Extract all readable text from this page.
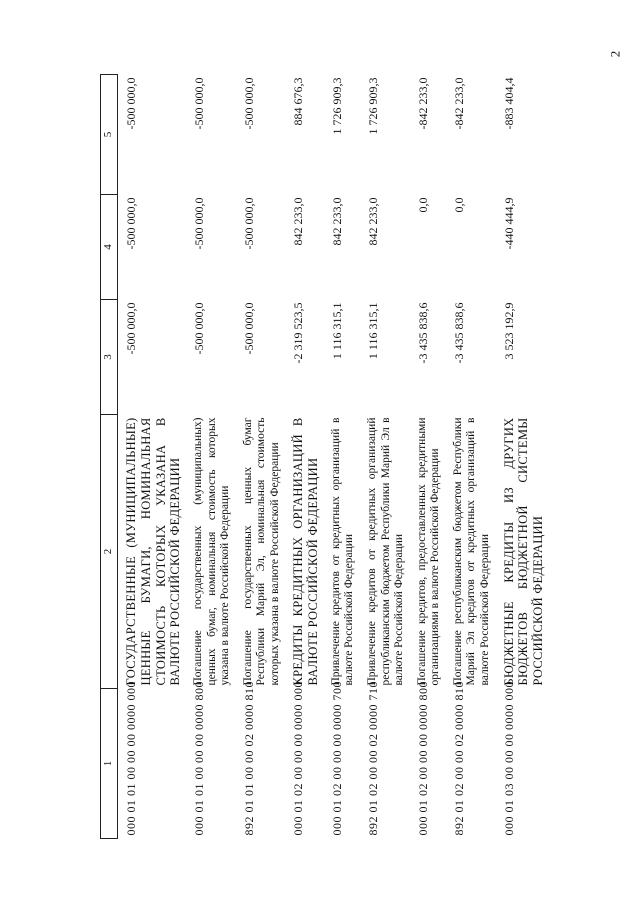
2
1	2	3	4	5
000 01 01 00 00 00 0000 000	ГОСУДАРСТВЕННЫЕ (МУНИЦИПАЛЬНЫЕ) ЦЕННЫЕ БУМАГИ, НОМИНАЛЬНАЯ СТОИМОСТЬ КОТОРЫХ УКАЗАНА В ВАЛЮТЕ РОССИЙСКОЙ ФЕДЕРАЦИИ	-500 000,0	-500 000,0	-500 000,0
000 01 01 00 00 00 0000 800	Погашение государственных (муниципальных) ценных бумаг, номинальная стоимость которых указана в валюте Российской Федерации	-500 000,0	-500 000,0	-500 000,0
892 01 01 00 00 02 0000 810	Погашение государственных ценных бумаг Республики Марий Эл, номинальная стоимость которых указана в валюте Российской Федерации	-500 000,0	-500 000,0	-500 000,0
000 01 02 00 00 00 0000 000	КРЕДИТЫ КРЕДИТНЫХ ОРГАНИЗАЦИЙ В ВАЛЮТЕ РОССИЙСКОЙ ФЕДЕРАЦИИ	-2 319 523,5	842 233,0	884 676,3
000 01 02 00 00 00 0000 700	Привлечение кредитов от кредитных организаций в валюте Российской Федерации	1 116 315,1	842 233,0	1 726 909,3
892 01 02 00 00 02 0000 710	Привлечение кредитов от кредитных организаций республиканским бюджетом Республики Марий Эл в валюте Российской Федерации	1 116 315,1	842 233,0	1 726 909,3
000 01 02 00 00 00 0000 800	Погашение кредитов, предоставленных кредитными организациями в валюте Российской Федерации	-3 435 838,6	0,0	-842 233,0
892 01 02 00 00 02 0000 810	Погашение республиканским бюджетом Республики Марий Эл кредитов от кредитных организаций в валюте Российской Федерации	-3 435 838,6	0,0	-842 233,0
000 01 03 00 00 00 0000 000	БЮДЖЕТНЫЕ КРЕДИТЫ ИЗ ДРУГИХ БЮДЖЕТОВ БЮДЖЕТНОЙ СИСТЕМЫ РОССИЙСКОЙ ФЕДЕРАЦИИ	3 523 192,9	-440 444,9	-883 404,4
